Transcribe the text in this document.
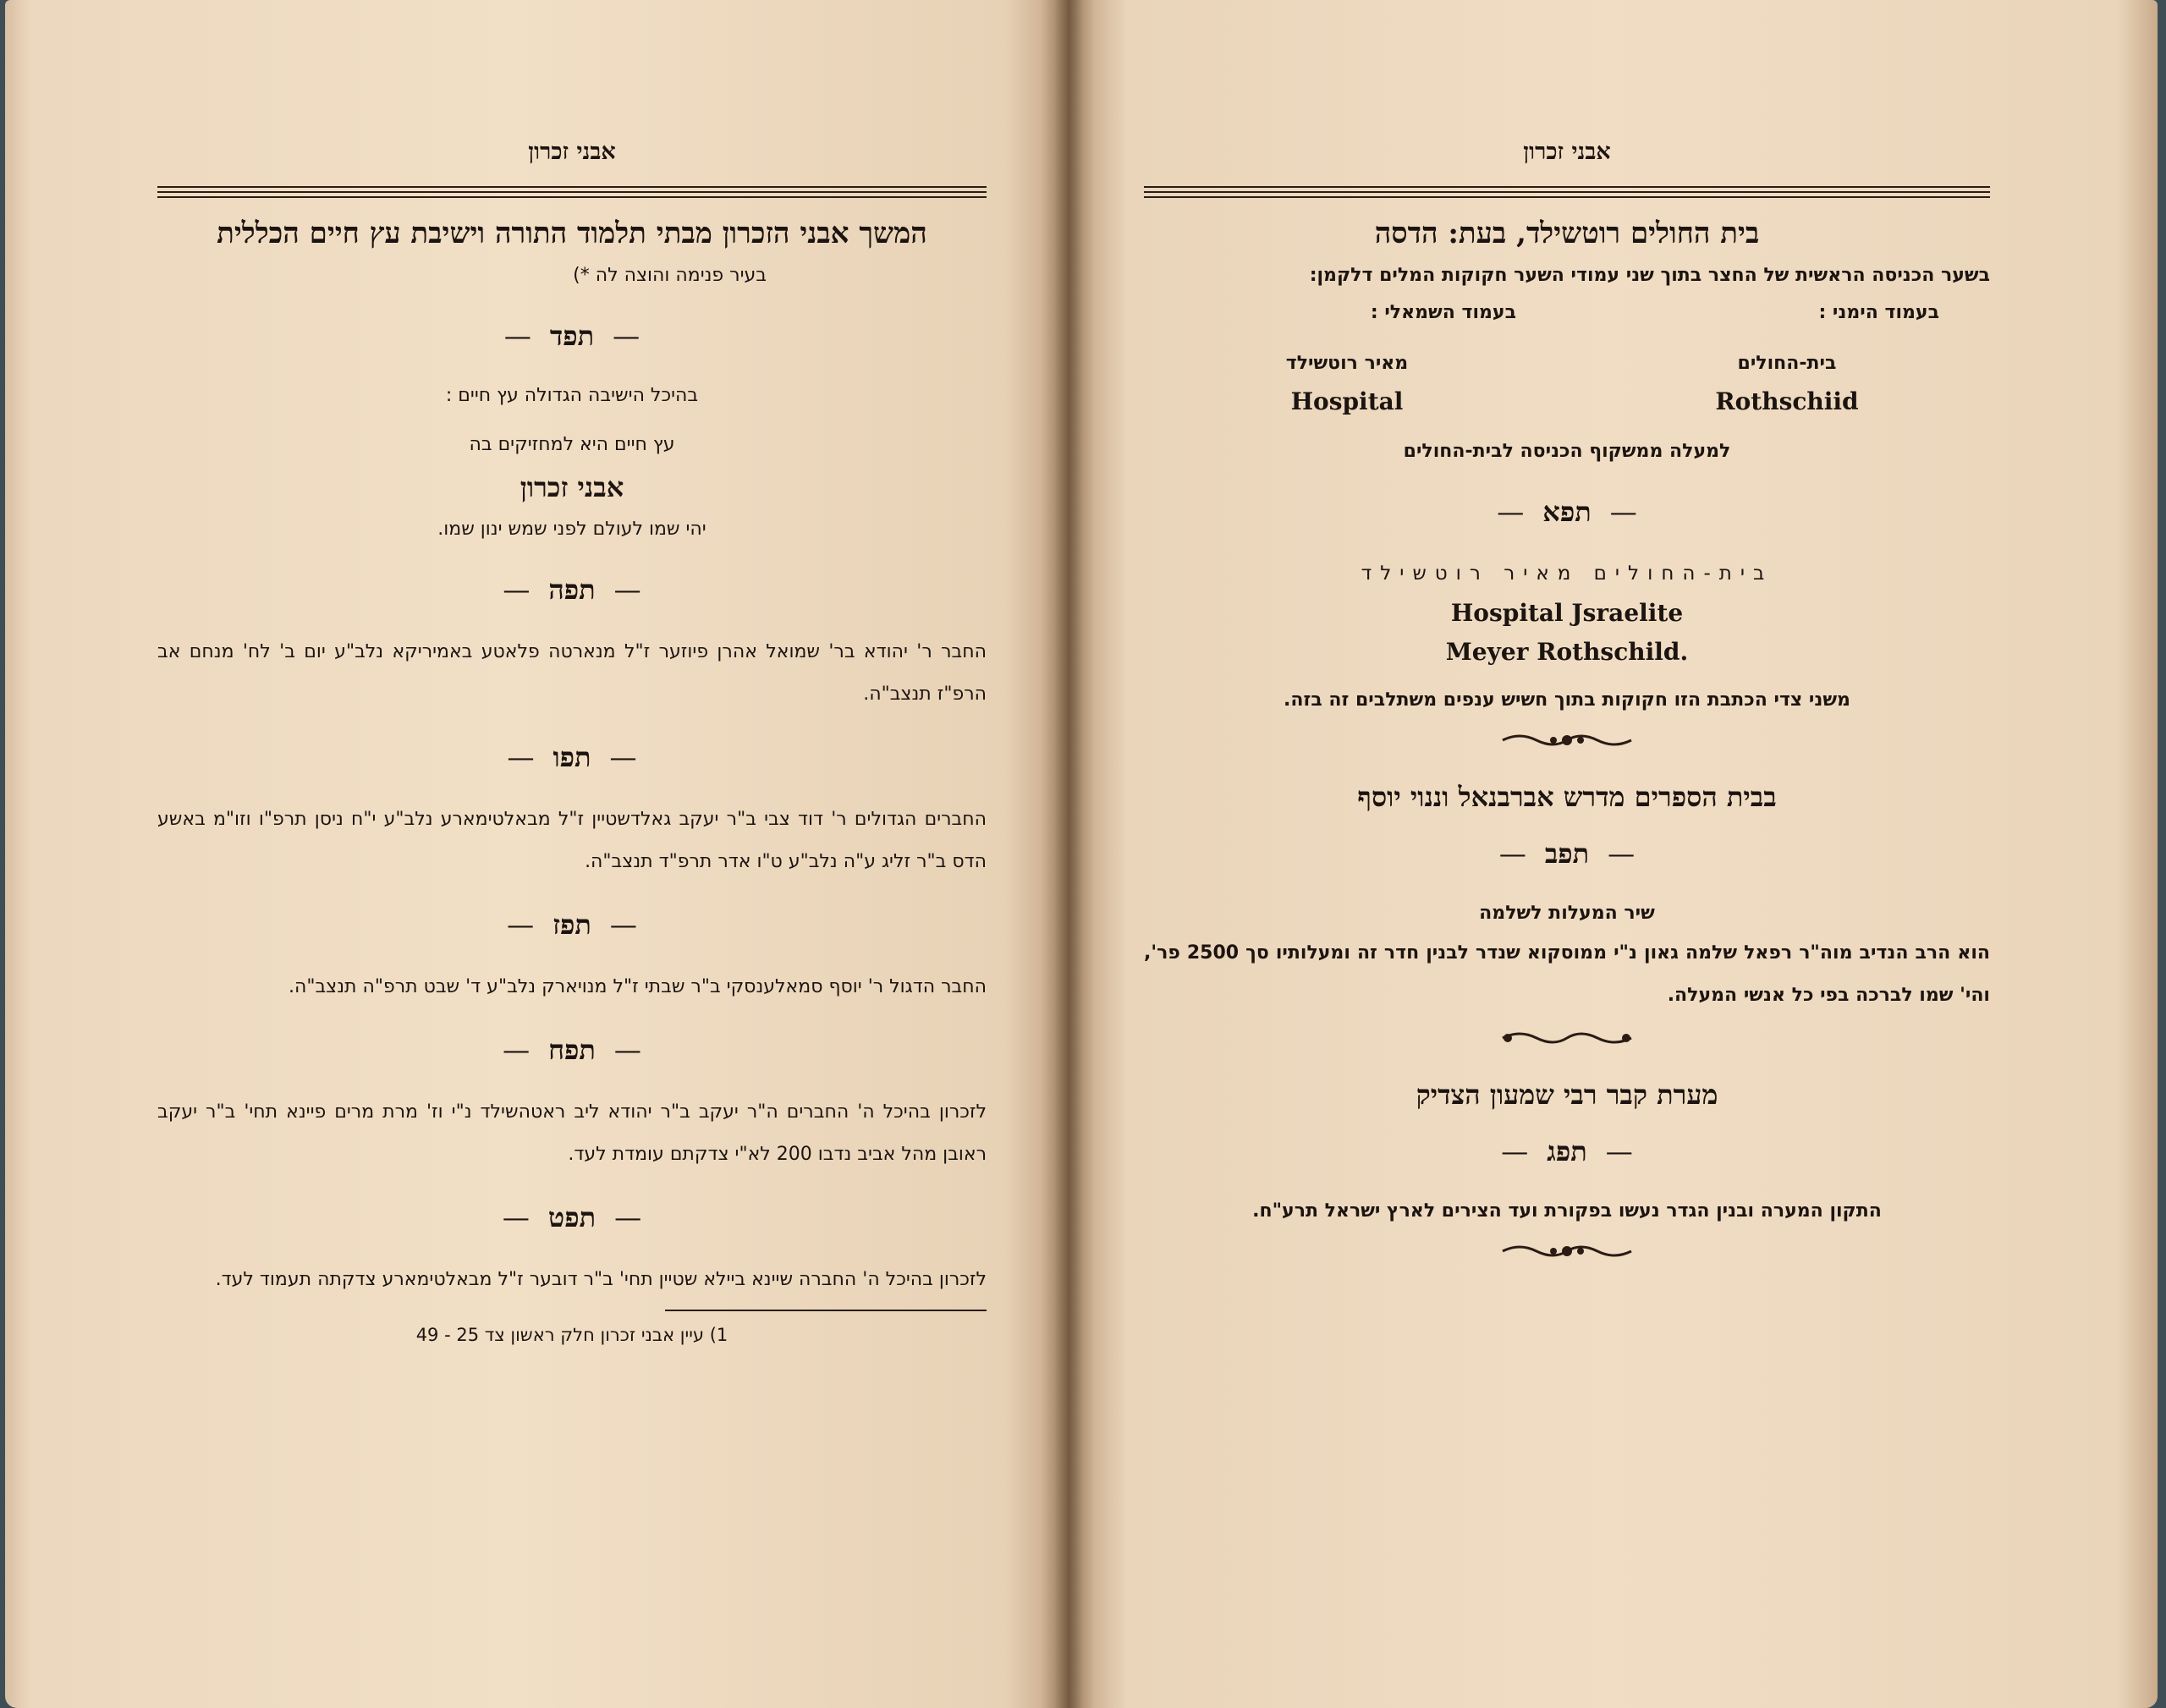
אבני זכרון
המשך אבני הזכרון מבתי תלמוד התורה וישיבת עץ חיים הכללית
בעיר פנימה והוצה לה *)
—תפד—
בהיכל הישיבה הגדולה עץ חיים :
עץ חיים היא למחזיקים בה
אבני זכרון
יהי שמו לעולם לפני שמש ינון שמו.
—תפה—
החבר ר' יהודא בר' שמואל אהרן פיוזער ז"ל מנארטה פלאטע באמיריקא נלב"ע יום ב' לח' מנחם אב הרפ"ז תנצב"ה.
—תפו—
החברים הגדולים ר' דוד צבי ב"ר יעקב גאלדשטיין ז"ל מבאלטימארע נלב"ע י"ח ניסן תרפ"ו וזו"מ באשע הדס ב"ר זליג ע"ה נלב"ע ט"ו אדר תרפ"ד תנצב"ה.
—תפז—
החבר הדגול ר' יוסף סמאלענסקי ב"ר שבתי ז"ל מנויארק נלב"ע ד' שבט תרפ"ה תנצב"ה.
—תפח—
לזכרון בהיכל ה' החברים ה"ר יעקב ב"ר יהודא ליב ראטהשילד נ"י וז' מרת מרים פיינא תחי' ב"ר יעקב ראובן מהל אביב נדבו 200 לא"י צדקתם עומדת לעד.
—תפט—
לזכרון בהיכל ה' החברה שיינא ביילא שטיין תחי' ב"ר דובער ז"ל מבאלטימארע צדקתה תעמוד לעד.
1) עיין אבני זכרון חלק ראשון צד 25 - 49
אבני זכרון
בית החולים רוטשילד, בעת: הדסה
בשער הכניסה הראשית של החצר בתוך שני עמודי השער חקוקות המלים דלקמן:
בעמוד הימני :
בעמוד השמאלי :
בית-החולים
מאיר רוטשילד
Rothschiid
Hospital
למעלה ממשקוף הכניסה לבית-החולים
—תפא—
בית-החולים מאיר רוטשילד
Hospital Jsraelite
Meyer Rothschild.
משני צדי הכתבת הזו חקוקות בתוך חשיש ענפים משתלבים זה בזה.
בבית הספרים מדרש אברבנאל וננוי יוסף
—תפב—
שיר המעלות לשלמה
הוא הרב הנדיב מוה"ר רפאל שלמה גאון נ"י ממוסקוא שנדר לבנין חדר זה ומעלותיו סך 2500 פר', והי' שמו לברכה בפי כל אנשי המעלה.
מערת קבר רבי שמעון הצדיק
—תפג—
התקון המערה ובנין הגדר נעשו בפקורת ועד הצירים לארץ ישראל תרע"ח.
